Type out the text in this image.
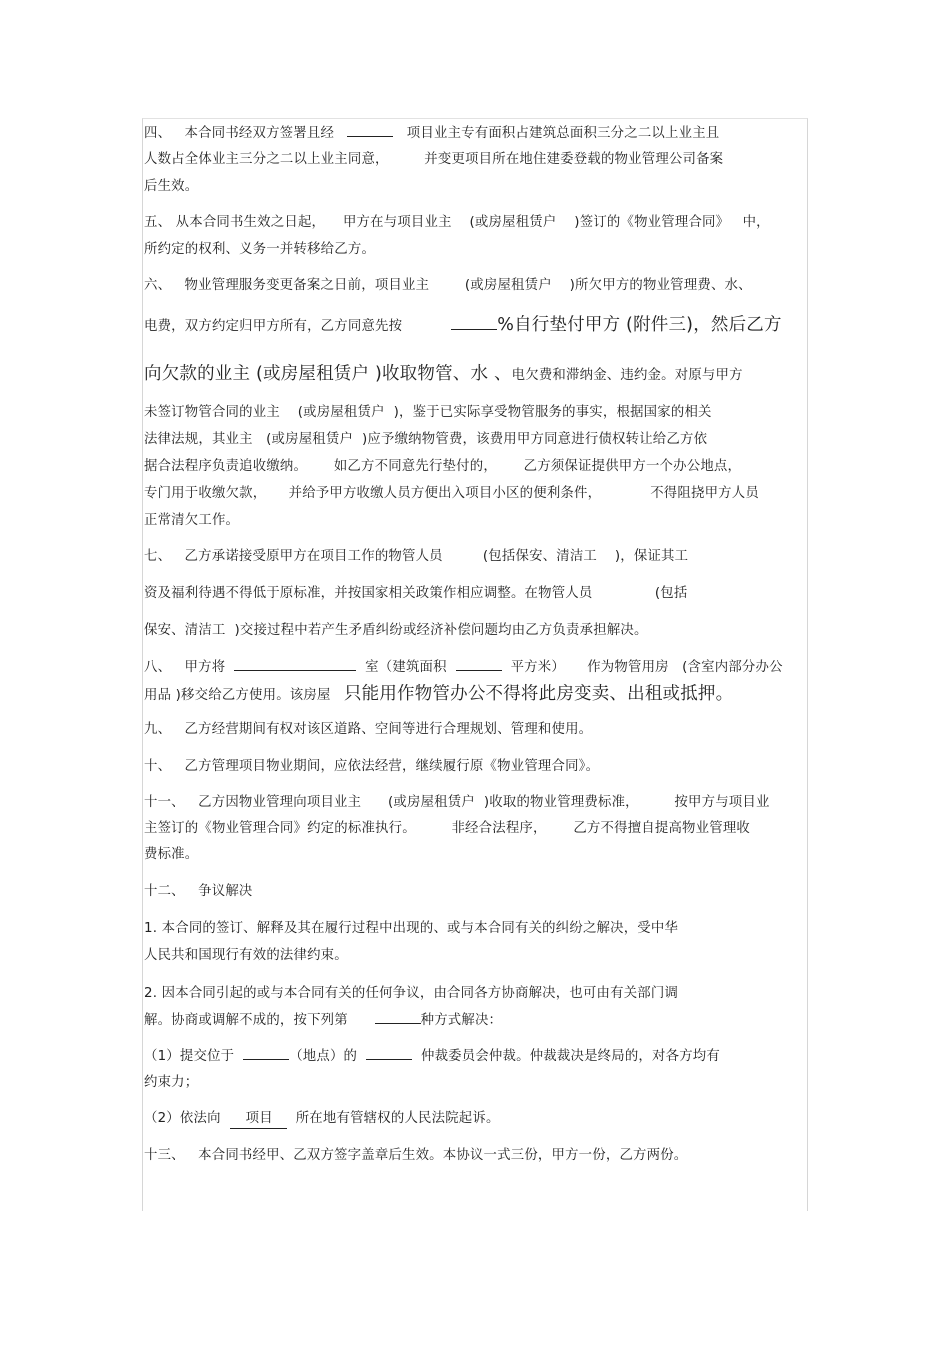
四、   本合同书经双方签署且经	项目业主专有面积占建筑总面积三分之二以上业主且
人数占全体业主三分之二以上业主同意，        并变更项目所在地住建委登载的物业管理公司备案
后生效。
五、 从本合同书生效之日起，    甲方在与项目业主    (或房屋租赁户    )签订的《物业管理合同》   中，
所约定的权利、义务一并转移给乙方。
六、   物业管理服务变更备案之日前，项目业主        (或房屋租赁户    )所欠甲方的物业管理费、水、
电费，双方约定归甲方所有，乙方同意先按	%自行垫付甲方 (附件三)，然后乙方
向欠款的业主 (或房屋租赁户 )收取物管、水 、电欠费和滞纳金、违约金。对原与甲方
未签订物管合同的业主    (或房屋租赁户  )，鉴于已实际享受物管服务的事实，根据国家的相关
法律法规，其业主   (或房屋租赁户  )应予缴纳物管费，该费用甲方同意进行债权转让给乙方依
据合法程序负责追收缴纳。      如乙方不同意先行垫付的，      乙方须保证提供甲方一个办公地点，
专门用于收缴欠款，     并给予甲方收缴人员方便出入项目小区的便利条件，           不得阻挠甲方人员
正常清欠工作。
七、   乙方承诺接受原甲方在项目工作的物管人员         (包括保安、清洁工    )，保证其工
资及福利待遇不得低于原标准，并按国家相关政策作相应调整。在物管人员              (包括
保安、清洁工  )交接过程中若产生矛盾纠纷或经济补偿问题均由乙方负责承担解决。
八、   甲方将	室（建筑面积	平方米）     作为物管用房   (含室内部分办公
用品 )移交给乙方使用。该房屋 只能用作物管办公不得将此房变卖、出租或抵押。
九、   乙方经营期间有权对该区道路、空间等进行合理规划、管理和使用。
十、   乙方管理项目物业期间，应依法经营，继续履行原《物业管理合同》。
十一、   乙方因物业管理向项目业主      (或房屋租赁户  )收取的物业管理费标准，        按甲方与项目业
主签订的《物业管理合同》约定的标准执行。        非经合法程序，      乙方不得擅自提高物业管理收
费标准。
十二、   争议解决
1. 本合同的签订、解释及其在履行过程中出现的、或与本合同有关的纠纷之解决，受中华
人民共和国现行有效的法律约束。
2. 因本合同引起的或与本合同有关的任何争议，由合同各方协商解决，也可由有关部门调
解。协商或调解不成的，按下列第	种方式解决：
（1）提交位于	（地点）的	仲裁委员会仲裁。仲裁裁决是终局的，对各方均有
约束力；
（2）依法向 项目 所在地有管辖权的人民法院起诉。
十三、   本合同书经甲、乙双方签字盖章后生效。本协议一式三份，甲方一份，乙方两份。
